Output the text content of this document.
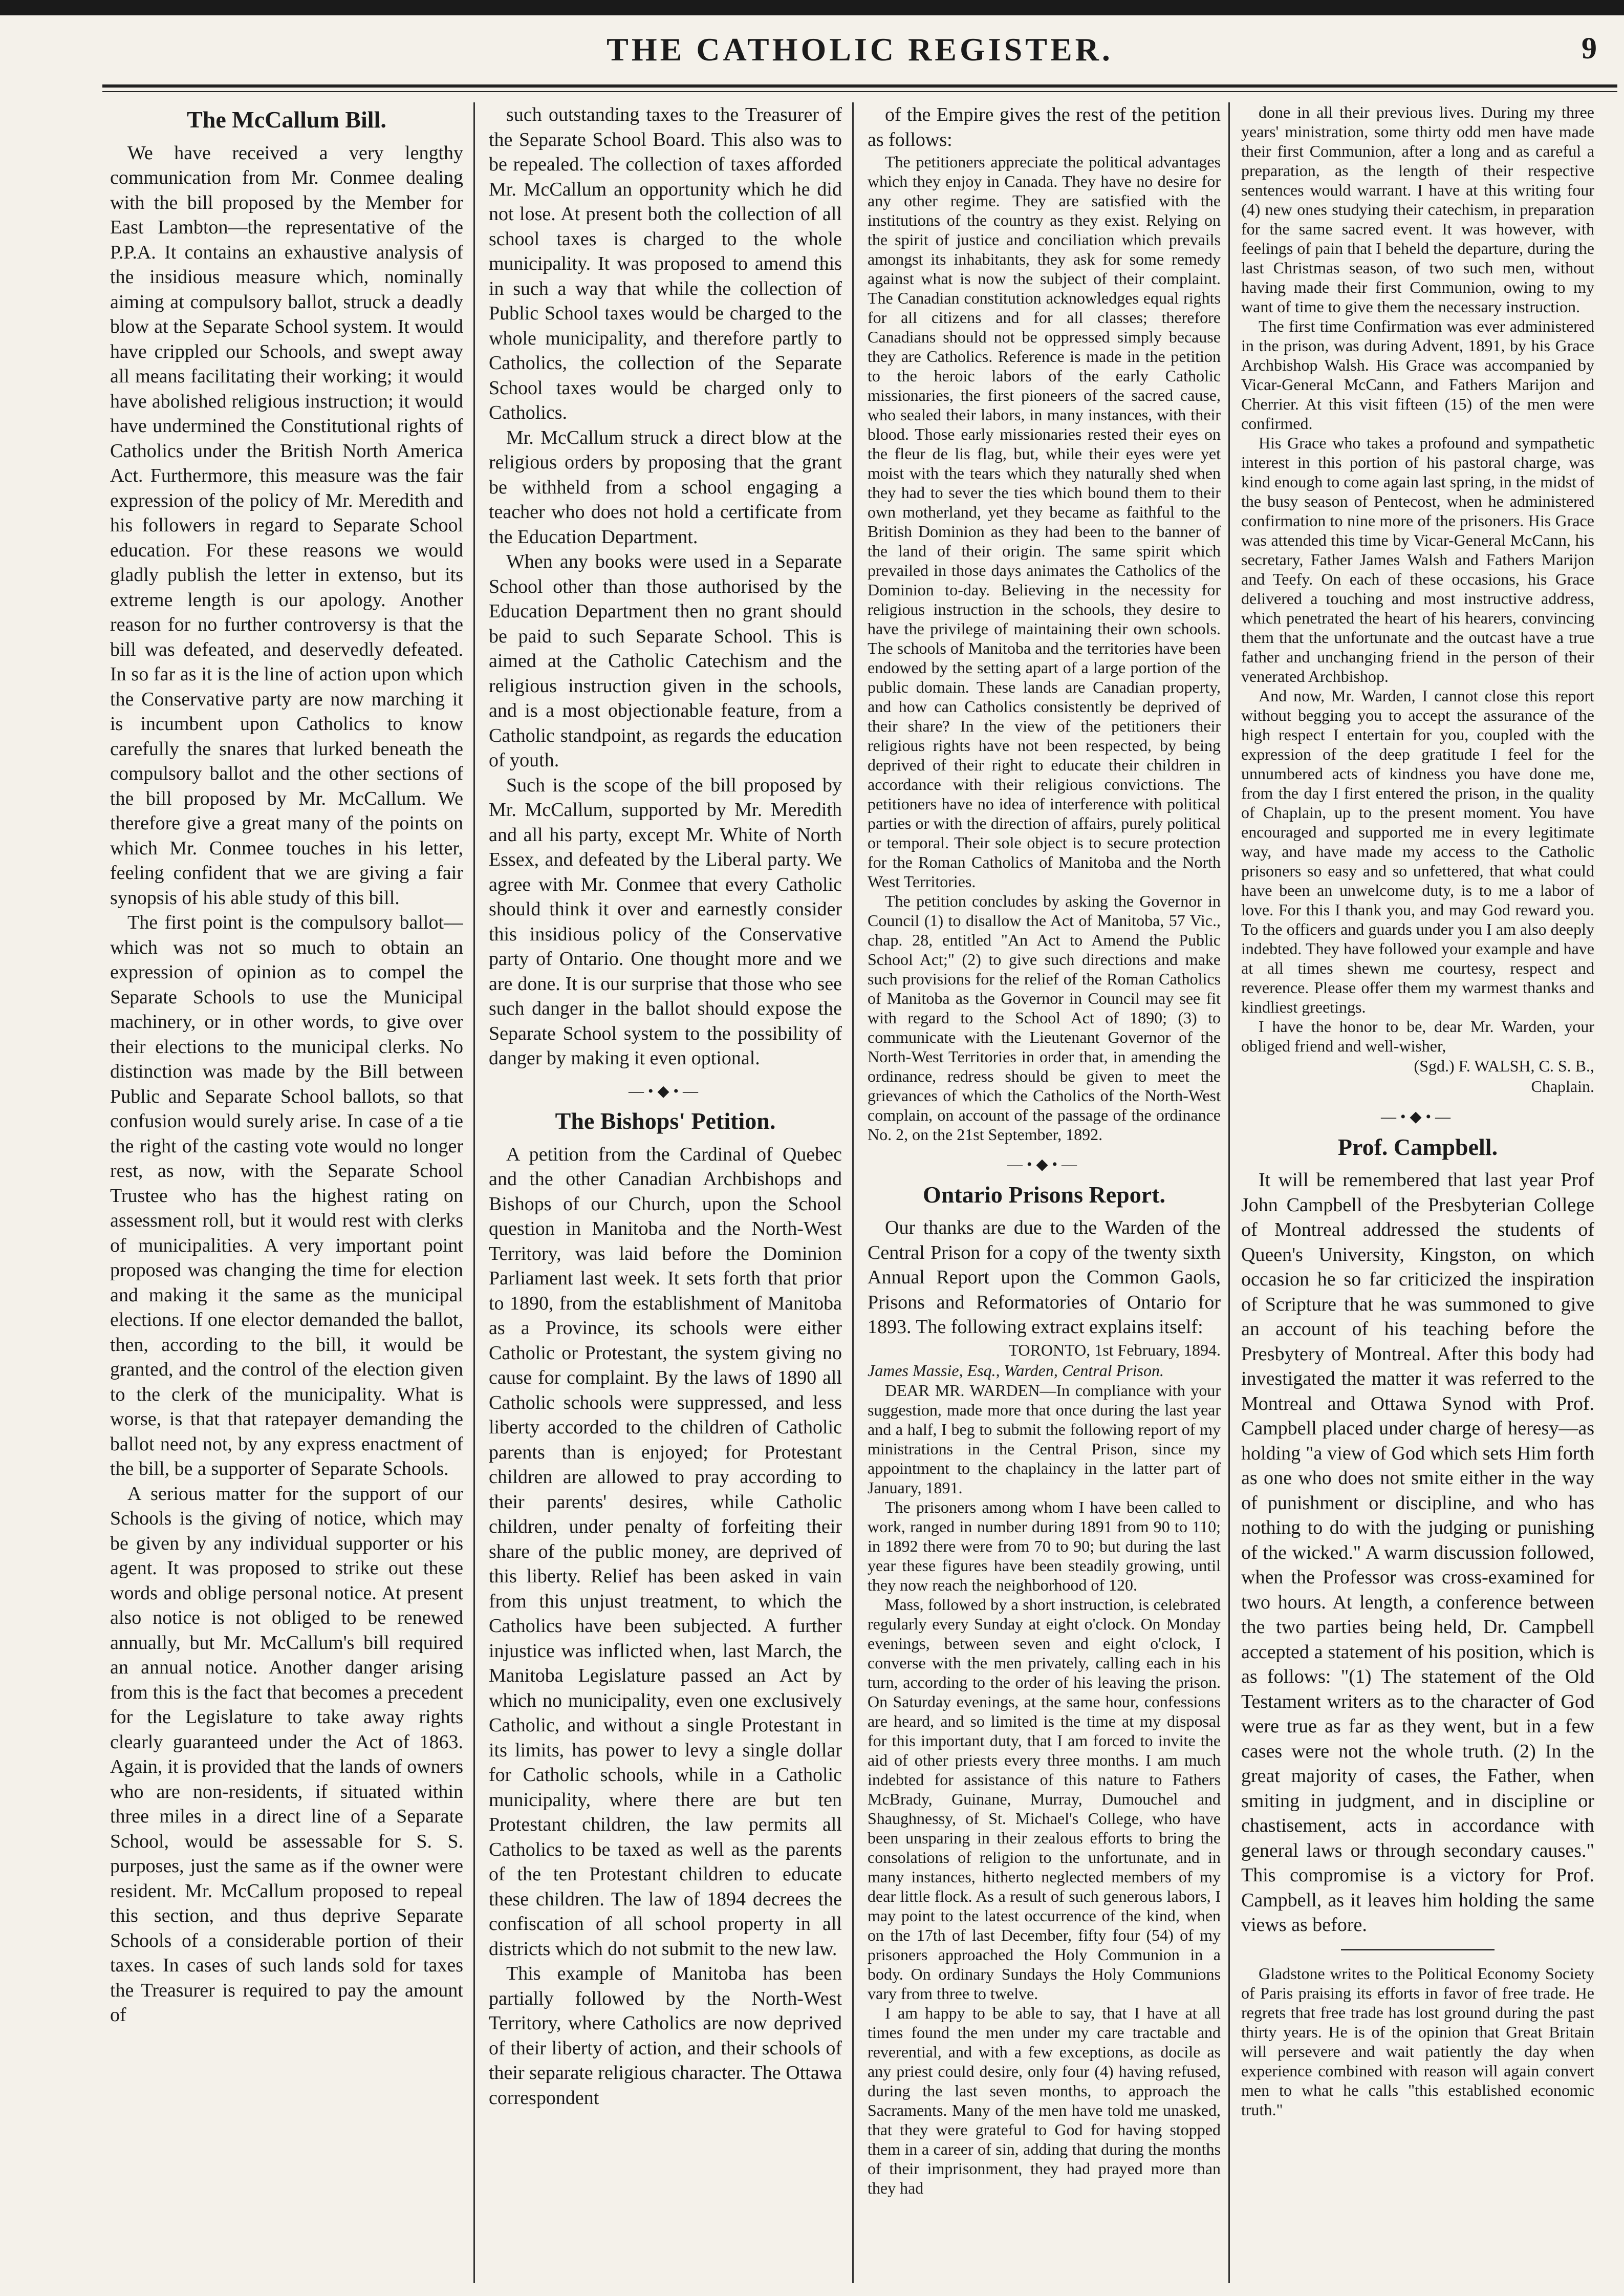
THE CATHOLIC REGISTER.	9
The McCallum Bill.

We have received a very lengthy communication from Mr. Conmee dealing with the bill proposed by the Member for East Lambton—the representative of the P.P.A. It contains an exhaustive analysis of the insidious measure which, nominally aiming at compulsory ballot, struck a deadly blow at the Separate School system. It would have crippled our Schools, and swept away all means facilitating their working; it would have abolished religious instruction; it would have undermined the Constitutional rights of Catholics under the British North America Act. Furthermore, this measure was the fair expression of the policy of Mr. Meredith and his followers in regard to Separate School education. For these reasons we would gladly publish the letter in extenso, but its extreme length is our apology. Another reason for no further controversy is that the bill was defeated, and deservedly defeated. In so far as it is the line of action upon which the Conservative party are now marching it is incumbent upon Catholics to know carefully the snares that lurked beneath the compulsory ballot and the other sections of the bill proposed by Mr. McCallum. We therefore give a great many of the points on which Mr. Conmee touches in his letter, feeling confident that we are giving a fair synopsis of his able study of this bill.

The first point is the compulsory ballot—which was not so much to obtain an expression of opinion as to compel the Separate Schools to use the Municipal machinery, or in other words, to give over their elections to the municipal clerks. No distinction was made by the Bill between Public and Separate School ballots, so that confusion would surely arise. In case of a tie the right of the casting vote would no longer rest, as now, with the Separate School Trustee who has the highest rating on assessment roll, but it would rest with clerks of municipalities. A very important point proposed was changing the time for election and making it the same as the municipal elections. If one elector demanded the ballot, then, according to the bill, it would be granted, and the control of the election given to the clerk of the municipality. What is worse, is that that ratepayer demanding the ballot need not, by any express enactment of the bill, be a supporter of Separate Schools.

A serious matter for the support of our Schools is the giving of notice, which may be given by any individual supporter or his agent. It was proposed to strike out these words and oblige personal notice. At present also notice is not obliged to be renewed annually, but Mr. McCallum's bill required an annual notice. Another danger arising from this is the fact that becomes a precedent for the Legislature to take away rights clearly guaranteed under the Act of 1863. Again, it is provided that the lands of owners who are non-residents, if situated within three miles in a direct line of a Separate School, would be assessable for S. S. purposes, just the same as if the owner were resident. Mr. McCallum proposed to repeal this section, and thus deprive Separate Schools of a considerable portion of their taxes. In cases of such lands sold for taxes the Treasurer is required to pay the amount of

such outstanding taxes to the Treasurer of the Separate School Board. This also was to be repealed. The collection of taxes afforded Mr. McCallum an opportunity which he did not lose. At present both the collection of all school taxes is charged to the whole municipality. It was proposed to amend this in such a way that while the collection of Public School taxes would be charged to the whole municipality, and therefore partly to Catholics, the collection of the Separate School taxes would be charged only to Catholics.

Mr. McCallum struck a direct blow at the religious orders by proposing that the grant be withheld from a school engaging a teacher who does not hold a certificate from the Education Department.

When any books were used in a Separate School other than those authorised by the Education Department then no grant should be paid to such Separate School. This is aimed at the Catholic Catechism and the religious instruction given in the schools, and is a most objectionable feature, from a Catholic standpoint, as regards the education of youth.

Such is the scope of the bill proposed by Mr. McCallum, supported by Mr. Meredith and all his party, except Mr. White of North Essex, and defeated by the Liberal party. We agree with Mr. Conmee that every Catholic should think it over and earnestly consider this insidious policy of the Conservative party of Ontario. One thought more and we are done. It is our surprise that those who see such danger in the ballot should expose the Separate School system to the possibility of danger by making it even optional.

—•◆•—
The Bishops' Petition.

A petition from the Cardinal of Quebec and the other Canadian Archbishops and Bishops of our Church, upon the School question in Manitoba and the North-West Territory, was laid before the Dominion Parliament last week. It sets forth that prior to 1890, from the establishment of Manitoba as a Province, its schools were either Catholic or Protestant, the system giving no cause for complaint. By the laws of 1890 all Catholic schools were suppressed, and less liberty accorded to the children of Catholic parents than is enjoyed; for Protestant children are allowed to pray according to their parents' desires, while Catholic children, under penalty of forfeiting their share of the public money, are deprived of this liberty. Relief has been asked in vain from this unjust treatment, to which the Catholics have been subjected. A further injustice was inflicted when, last March, the Manitoba Legislature passed an Act by which no municipality, even one exclusively Catholic, and without a single Protestant in its limits, has power to levy a single dollar for Catholic schools, while in a Catholic municipality, where there are but ten Protestant children, the law permits all Catholics to be taxed as well as the parents of the ten Protestant children to educate these children. The law of 1894 decrees the confiscation of all school property in all districts which do not submit to the new law.

This example of Manitoba has been partially followed by the North-West Territory, where Catholics are now deprived of their liberty of action, and their schools of their separate religious character. The Ottawa correspondent

of the Empire gives the rest of the petition as follows:

The petitioners appreciate the political advantages which they enjoy in Canada. They have no desire for any other regime. They are satisfied with the institutions of the country as they exist. Relying on the spirit of justice and conciliation which prevails amongst its inhabitants, they ask for some remedy against what is now the subject of their complaint. The Canadian constitution acknowledges equal rights for all citizens and for all classes; therefore Canadians should not be oppressed simply because they are Catholics. Reference is made in the petition to the heroic labors of the early Catholic missionaries, the first pioneers of the sacred cause, who sealed their labors, in many instances, with their blood. Those early missionaries rested their eyes on the fleur de lis flag, but, while their eyes were yet moist with the tears which they naturally shed when they had to sever the ties which bound them to their own motherland, yet they became as faithful to the British Dominion as they had been to the banner of the land of their origin. The same spirit which prevailed in those days animates the Catholics of the Dominion to-day. Believing in the necessity for religious instruction in the schools, they desire to have the privilege of maintaining their own schools. The schools of Manitoba and the territories have been endowed by the setting apart of a large portion of the public domain. These lands are Canadian property, and how can Catholics consistently be deprived of their share? In the view of the petitioners their religious rights have not been respected, by being deprived of their right to educate their children in accordance with their religious convictions. The petitioners have no idea of interference with political parties or with the direction of affairs, purely political or temporal. Their sole object is to secure protection for the Roman Catholics of Manitoba and the North West Territories.

The petition concludes by asking the Governor in Council (1) to disallow the Act of Manitoba, 57 Vic., chap. 28, entitled "An Act to Amend the Public School Act;" (2) to give such directions and make such provisions for the relief of the Roman Catholics of Manitoba as the Governor in Council may see fit with regard to the School Act of 1890; (3) to communicate with the Lieutenant Governor of the North-West Territories in order that, in amending the ordinance, redress should be given to meet the grievances of which the Catholics of the North-West complain, on account of the passage of the ordinance No. 2, on the 21st September, 1892.

—•◆•—
Ontario Prisons Report.

Our thanks are due to the Warden of the Central Prison for a copy of the twenty sixth Annual Report upon the Common Gaols, Prisons and Reformatories of Ontario for 1893. The following extract explains itself:

TORONTO, 1st February, 1894.

James Massie, Esq., Warden, Central Prison.

DEAR MR. WARDEN—In compliance with your suggestion, made more that once during the last year and a half, I beg to submit the following report of my ministrations in the Central Prison, since my appointment to the chaplaincy in the latter part of January, 1891.

The prisoners among whom I have been called to work, ranged in number during 1891 from 90 to 110; in 1892 there were from 70 to 90; but during the last year these figures have been steadily growing, until they now reach the neighborhood of 120.

Mass, followed by a short instruction, is celebrated regularly every Sunday at eight o'clock. On Monday evenings, between seven and eight o'clock, I converse with the men privately, calling each in his turn, according to the order of his leaving the prison. On Saturday evenings, at the same hour, confessions are heard, and so limited is the time at my disposal for this important duty, that I am forced to invite the aid of other priests every three months. I am much indebted for assistance of this nature to Fathers McBrady, Guinane, Murray, Dumouchel and Shaughnessy, of St. Michael's College, who have been unsparing in their zealous efforts to bring the consolations of religion to the unfortunate, and in many instances, hitherto neglected members of my dear little flock. As a result of such generous labors, I may point to the latest occurrence of the kind, when on the 17th of last December, fifty four (54) of my prisoners approached the Holy Communion in a body. On ordinary Sundays the Holy Communions vary from three to twelve.

I am happy to be able to say, that I have at all times found the men under my care tractable and reverential, and with a few exceptions, as docile as any priest could desire, only four (4) having refused, during the last seven months, to approach the Sacraments. Many of the men have told me unasked, that they were grateful to God for having stopped them in a career of sin, adding that during the months of their imprisonment, they had prayed more than they had

done in all their previous lives. During my three years' ministration, some thirty odd men have made their first Communion, after a long and as careful a preparation, as the length of their respective sentences would warrant. I have at this writing four (4) new ones studying their catechism, in preparation for the same sacred event. It was however, with feelings of pain that I beheld the departure, during the last Christmas season, of two such men, without having made their first Communion, owing to my want of time to give them the necessary instruction.

The first time Confirmation was ever administered in the prison, was during Advent, 1891, by his Grace Archbishop Walsh. His Grace was accompanied by Vicar-General McCann, and Fathers Marijon and Cherrier. At this visit fifteen (15) of the men were confirmed.

His Grace who takes a profound and sympathetic interest in this portion of his pastoral charge, was kind enough to come again last spring, in the midst of the busy season of Pentecost, when he administered confirmation to nine more of the prisoners. His Grace was attended this time by Vicar-General McCann, his secretary, Father James Walsh and Fathers Marijon and Teefy. On each of these occasions, his Grace delivered a touching and most instructive address, which penetrated the heart of his hearers, convincing them that the unfortunate and the outcast have a true father and unchanging friend in the person of their venerated Archbishop.

And now, Mr. Warden, I cannot close this report without begging you to accept the assurance of the high respect I entertain for you, coupled with the expression of the deep gratitude I feel for the unnumbered acts of kindness you have done me, from the day I first entered the prison, in the quality of Chaplain, up to the present moment. You have encouraged and supported me in every legitimate way, and have made my access to the Catholic prisoners so easy and so unfettered, that what could have been an unwelcome duty, is to me a labor of love. For this I thank you, and may God reward you. To the officers and guards under you I am also deeply indebted. They have followed your example and have at all times shewn me courtesy, respect and reverence. Please offer them my warmest thanks and kindliest greetings.

I have the honor to be, dear Mr. Warden, your obliged friend and well-wisher,

(Sgd.) F. WALSH, C. S. B.,

Chaplain.

—•◆•—
Prof. Campbell.

It will be remembered that last year Prof John Campbell of the Presbyterian College of Montreal addressed the students of Queen's University, Kingston, on which occasion he so far criticized the inspiration of Scripture that he was summoned to give an account of his teaching before the Presbytery of Montreal. After this body had investigated the matter it was referred to the Montreal and Ottawa Synod with Prof. Campbell placed under charge of heresy—as holding "a view of God which sets Him forth as one who does not smite either in the way of punishment or discipline, and who has nothing to do with the judging or punishing of the wicked." A warm discussion followed, when the Professor was cross-examined for two hours. At length, a conference between the two parties being held, Dr. Campbell accepted a statement of his position, which is as follows: "(1) The statement of the Old Testament writers as to the character of God were true as far as they went, but in a few cases were not the whole truth. (2) In the great majority of cases, the Father, when smiting in judgment, and in discipline or chastisement, acts in accordance with general laws or through secondary causes." This compromise is a victory for Prof. Campbell, as it leaves him holding the same views as before.

Gladstone writes to the Political Economy Society of Paris praising its efforts in favor of free trade. He regrets that free trade has lost ground during the past thirty years. He is of the opinion that Great Britain will persevere and wait patiently the day when experience combined with reason will again convert men to what he calls "this established economic truth."
